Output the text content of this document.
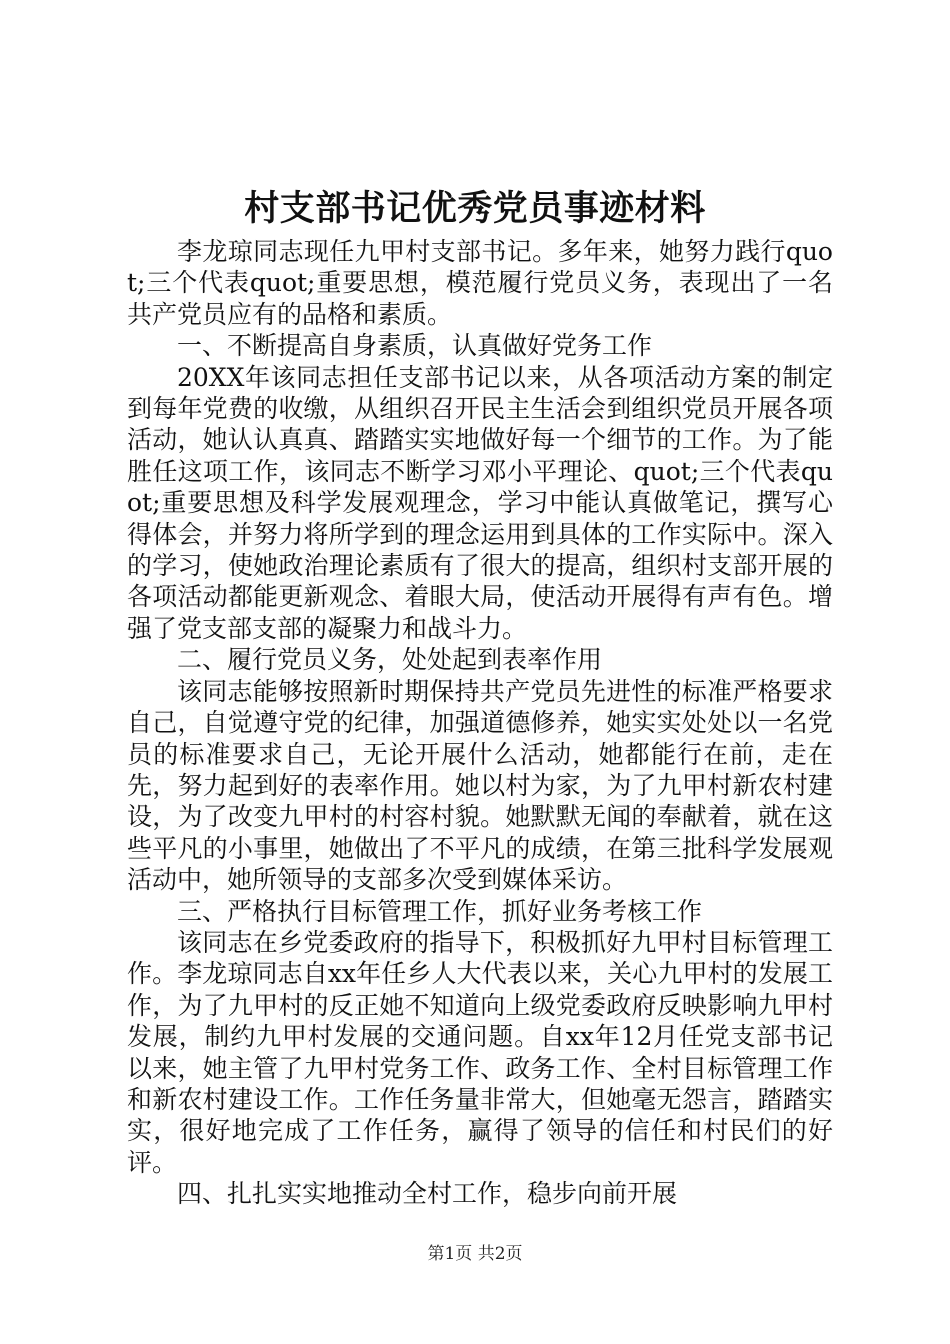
村支部书记优秀党员事迹材料

李龙琼同志现任九甲村支部书记。多年来，她努力践行quot;三个代表quot;重要思想，模范履行党员义务，表现出了一名共产党员应有的品格和素质。

一、不断提高自身素质，认真做好党务工作

20XX年该同志担任支部书记以来，从各项活动方案的制定到每年党费的收缴，从组织召开民主生活会到组织党员开展各项活动，她认认真真、踏踏实实地做好每一个细节的工作。为了能胜任这项工作，该同志不断学习邓小平理论、quot;三个代表quot;重要思想及科学发展观理念，学习中能认真做笔记，撰写心得体会，并努力将所学到的理念运用到具体的工作实际中。深入的学习，使她政治理论素质有了很大的提高，组织村支部开展的各项活动都能更新观念、着眼大局，使活动开展得有声有色。增强了党支部支部的凝聚力和战斗力。

二、履行党员义务，处处起到表率作用

该同志能够按照新时期保持共产党员先进性的标准严格要求自己，自觉遵守党的纪律，加强道德修养，她实实处处以一名党员的标准要求自己，无论开展什么活动，她都能行在前，走在先，努力起到好的表率作用。她以村为家，为了九甲村新农村建设，为了改变九甲村的村容村貌。她默默无闻的奉献着，就在这些平凡的小事里，她做出了不平凡的成绩，在第三批科学发展观活动中，她所领导的支部多次受到媒体采访。

三、严格执行目标管理工作，抓好业务考核工作

该同志在乡党委政府的指导下，积极抓好九甲村目标管理工作。李龙琼同志自xx年任乡人大代表以来，关心九甲村的发展工作，为了九甲村的反正她不知道向上级党委政府反映影响九甲村发展，制约九甲村发展的交通问题。自xx年12月任党支部书记以来，她主管了九甲村党务工作、政务工作、全村目标管理工作和新农村建设工作。工作任务量非常大，但她毫无怨言，踏踏实实，很好地完成了工作任务，赢得了领导的信任和村民们的好评。

四、扎扎实实地推动全村工作，稳步向前开展

第1页 共2页
